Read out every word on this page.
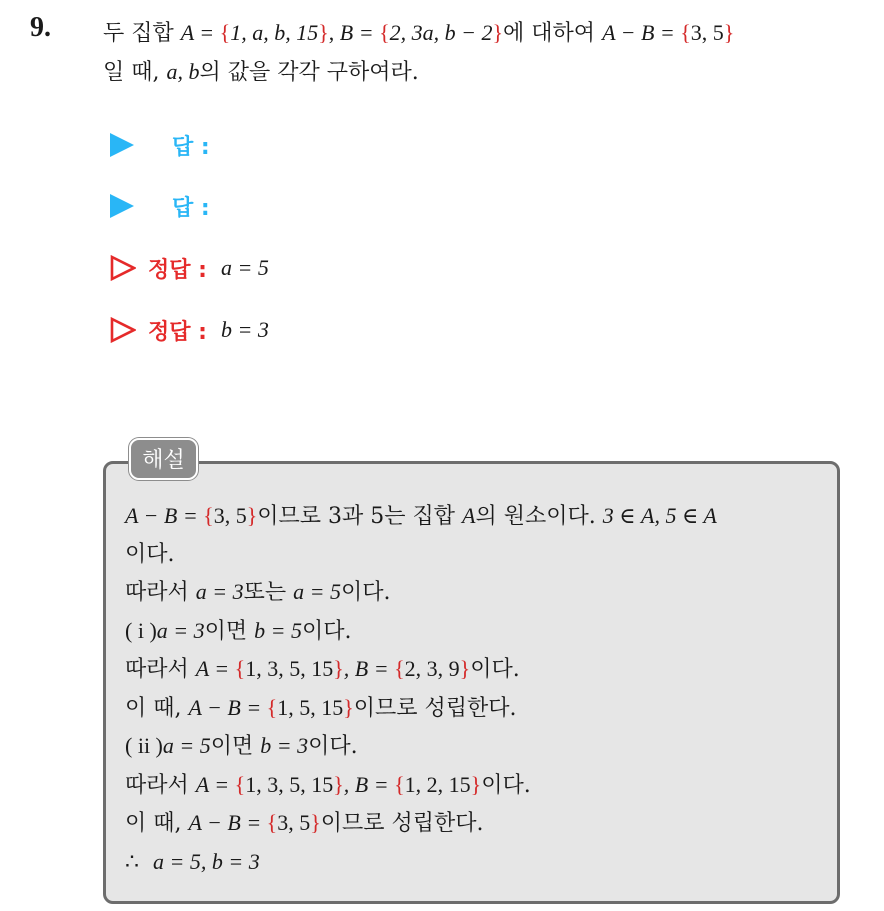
9. 두 집합 A = {1, a, b, 15}, B = {2, 3a, b − 2}에 대하여 A − B = {3, 5}
일 때, a, b의 값을 각각 구하여라.
답 :
답 :
정답 : a = 5
정답 : b = 3
해설
A − B = {3, 5}이므로 3과 5는 집합 A의 원소이다. 3 ∈ A, 5 ∈ A
이다.
따라서 a = 3또는 a = 5이다.
( i )a = 3이면 b = 5이다.
따라서 A = {1, 3, 5, 15}, B = {2, 3, 9}이다.
이 때, A − B = {1, 5, 15}이므로 성립한다.
( ii )a = 5이면 b = 3이다.
따라서 A = {1, 3, 5, 15}, B = {1, 2, 15}이다.
이 때, A − B = {3, 5}이므로 성립한다.
∴ a = 5, b = 3
